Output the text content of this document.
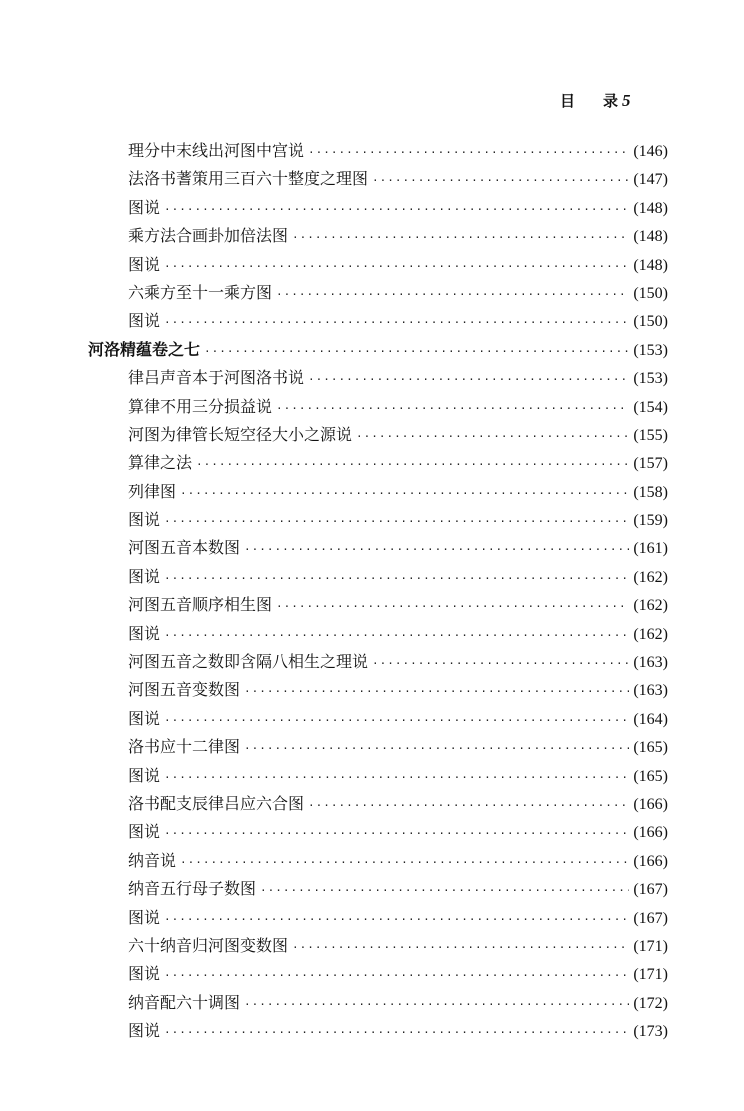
目 录 5
理分中末线出河图中宫说 ·····	(146)
法洛书蓍策用三百六十整度之理图 ·····	(147)
图说 ·····	(148)
乘方法合画卦加倍法图 ·····	(148)
图说 ·····	(148)
六乘方至十一乘方图 ·····	(150)
图说 ·····	(150)
河洛精蕴卷之七 ·····	(153)
律吕声音本于河图洛书说 ·····	(153)
算律不用三分损益说 ·····	(154)
河图为律管长短空径大小之源说 ·····	(155)
算律之法 ·····	(157)
列律图 ·····	(158)
图说 ·····	(159)
河图五音本数图 ·····	(161)
图说 ·····	(162)
河图五音顺序相生图 ·····	(162)
图说 ·····	(162)
河图五音之数即含隔八相生之理说 ·····	(163)
河图五音变数图 ·····	(163)
图说 ·····	(164)
洛书应十二律图 ·····	(165)
图说 ·····	(165)
洛书配支辰律吕应六合图 ·····	(166)
图说 ·····	(166)
纳音说 ·····	(166)
纳音五行母子数图 ·····	(167)
图说 ·····	(167)
六十纳音归河图变数图 ·····	(171)
图说 ·····	(171)
纳音配六十调图 ·····	(172)
图说 ·····	(173)
